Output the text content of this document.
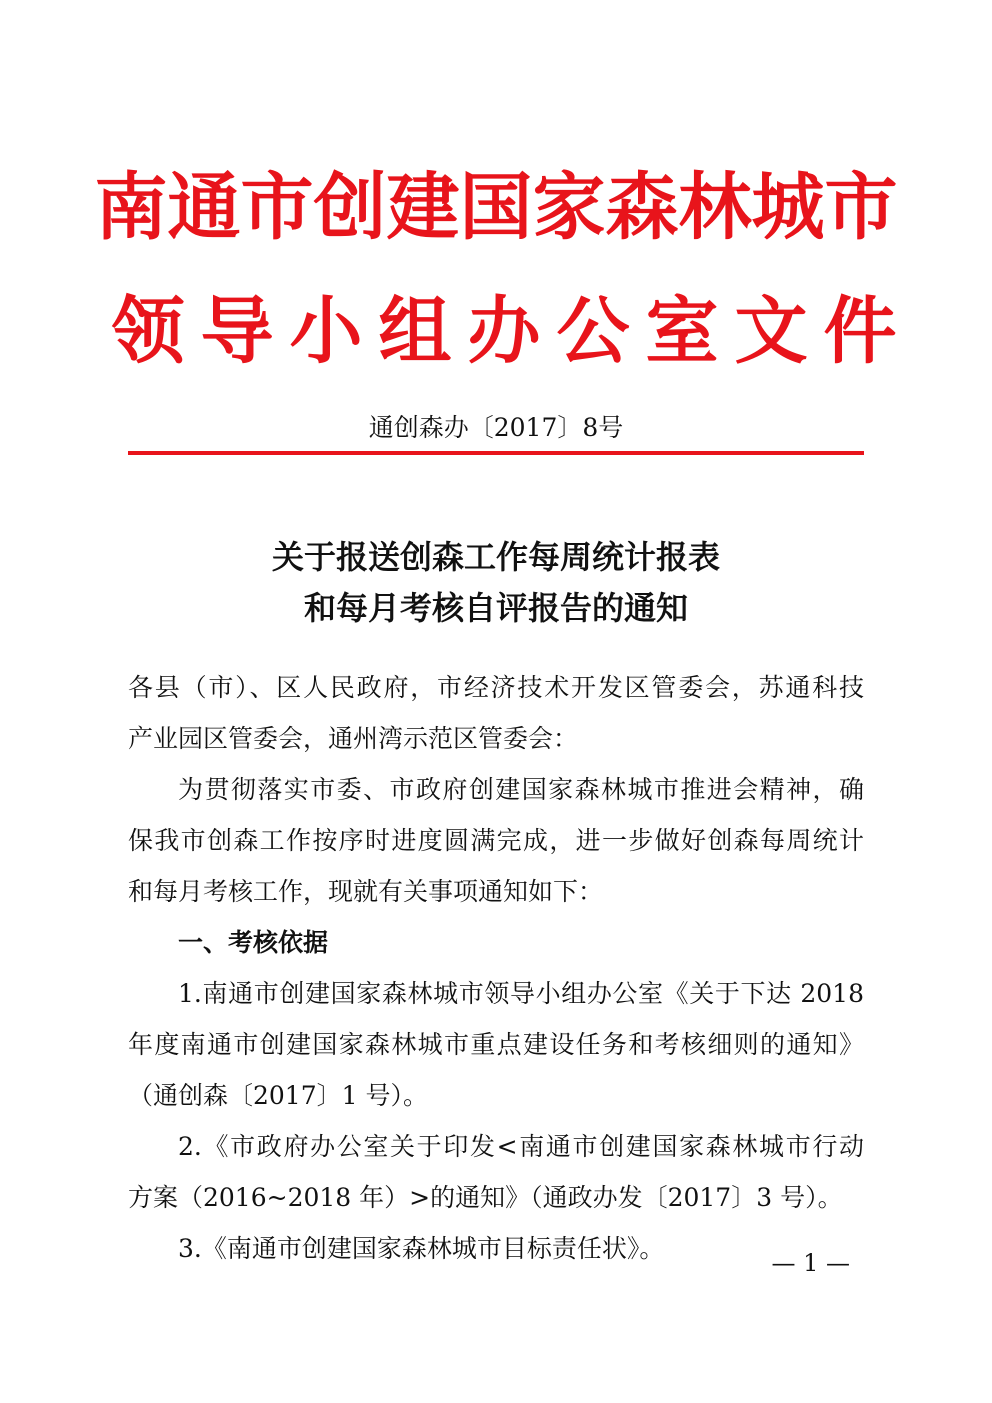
南通市创建国家森林城市
领导小组办公室文件
通创森办〔2017〕8号
关于报送创森工作每周统计报表
和每月考核自评报告的通知
各县（市）、区人民政府，市经济技术开发区管委会，苏通科技
产业园区管委会，通州湾示范区管委会：
为贯彻落实市委、市政府创建国家森林城市推进会精神，确
保我市创森工作按序时进度圆满完成，进一步做好创森每周统计
和每月考核工作，现就有关事项通知如下：
一、考核依据
1.南通市创建国家森林城市领导小组办公室《关于下达 2018
年度南通市创建国家森林城市重点建设任务和考核细则的通知》
（通创森〔2017〕1 号）。
2.《市政府办公室关于印发<南通市创建国家森林城市行动
方案（2016~2018 年）>的通知》（通政办发〔2017〕3 号）。
3.《南通市创建国家森林城市目标责任状》。	— 1 —
